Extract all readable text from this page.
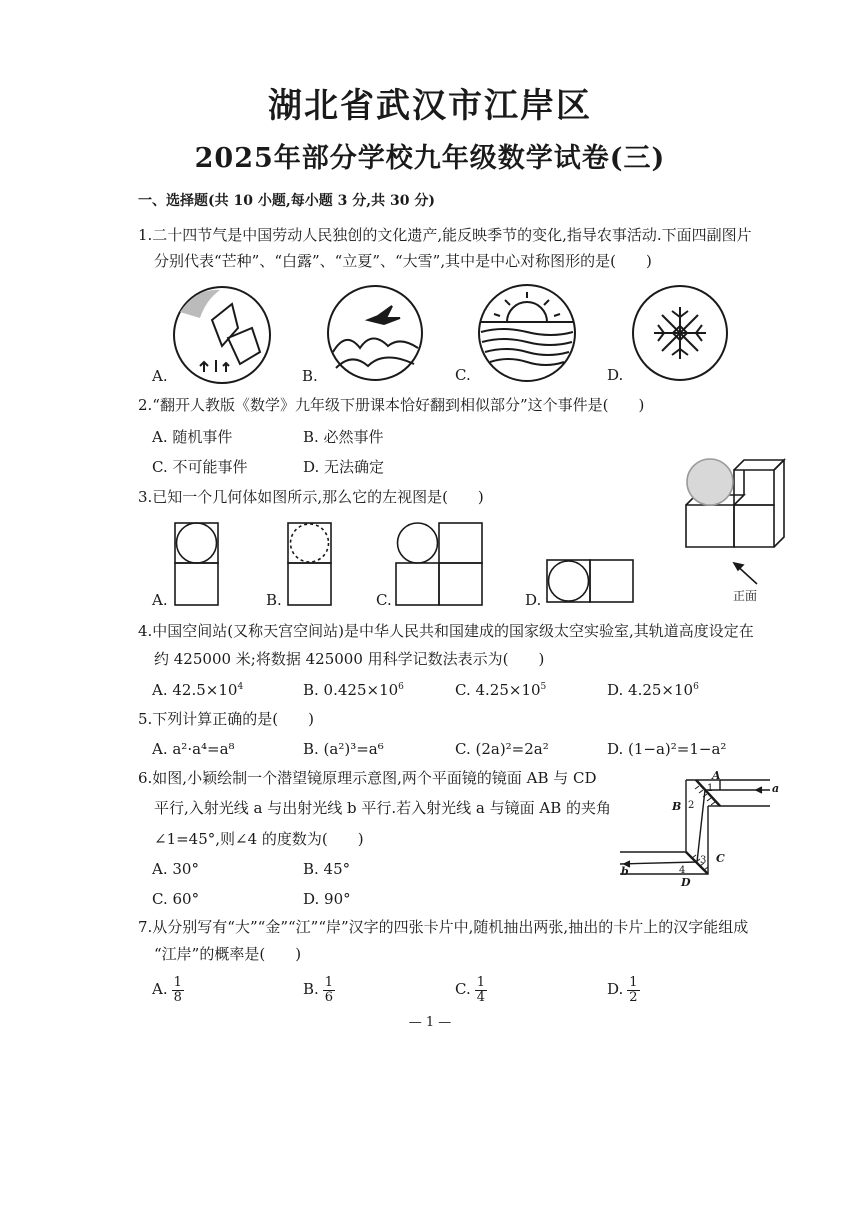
湖北省武汉市江岸区
2025年部分学校九年级数学试卷(三)
一、选择题(共 10 小题,每小题 3 分,共 30 分)
1.二十四节气是中国劳动人民独创的文化遗产,能反映季节的变化,指导农事活动.下面四副图片
分别代表“芒种”、“白露”、“立夏”、“大雪”,其中是中心对称图形的是(　　)
A.	B.	C.	D.
2.“翻开人教版《数学》九年级下册课本恰好翻到相似部分”这个事件是(　　)
A. 随机事件	B. 必然事件
C. 不可能事件	D. 无法确定
3.已知一个几何体如图所示,那么它的左视图是(　　)
A.	B.	C.	D.	正面
4.中国空间站(又称天宫空间站)是中华人民共和国建成的国家级太空实验室,其轨道高度设定在
约 425000 米;将数据 425000 用科学记数法表示为(　　)
A. $42.5\times 10^4$	B. $0.425\times 10^6$	C. $4.25\times 10^5$	D. $4.25\times 10^6$
5.下列计算正确的是(　　)
A. a²·a⁴=a⁸	B. (a²)³=a⁶	C. (2a)²=2a²	D. (1−a)²=1−a²
6.如图,小颖绘制一个潜望镜原理示意图,两个平面镜的镜面 AB 与 CD
平行,入射光线 a 与出射光线 b 平行.若入射光线 a 与镜面 AB 的夹角
∠1=45°,则∠4 的度数为(　　)
A. 30°	B. 45°
C. 60°	D. 90°
A
B
C
D
a
b
1
2
3
4
7.从分别写有“大”“金”“江”“岸”汉字的四张卡片中,随机抽出两张,抽出的卡片上的汉字能组成
“江岸”的概率是(　　)
A. $\frac{1}{8}$	B. $\frac{1}{6}$	C. $\frac{1}{4}$	D. $\frac{1}{2}$
— 1 —
